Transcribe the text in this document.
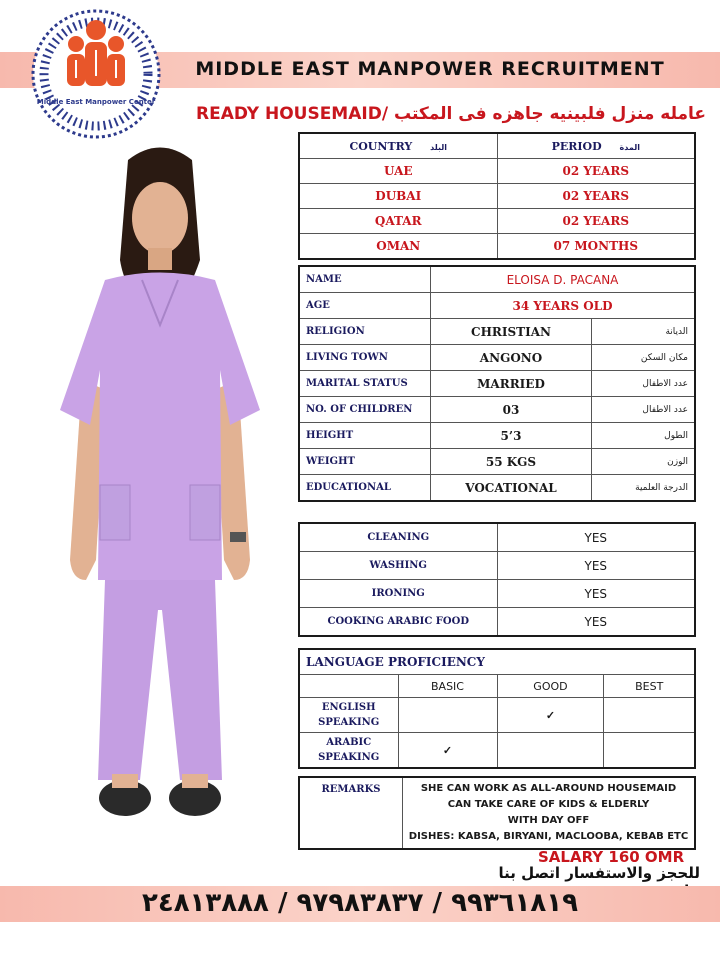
MIDDLE EAST MANPOWER RECRUITMENT
Middle East Manpower Center
READY HOUSEMAID/ عامله منزل فلبينيه جاهزه فى المكتب
COUNTRY البلد	PERIOD المدة
UAE	02 YEARS
DUBAI	02 YEARS
QATAR	02 YEARS
OMAN	07 MONTHS
NAME	ELOISA D. PACANA	
AGE	34 YEARS OLD	
RELIGION	CHRISTIAN	الديانة
LIVING TOWN	ANGONO	مكان السكن
MARITAL STATUS	MARRIED	عدد الاطفال
NO. OF CHILDREN	03	عدد الاطفال
HEIGHT	5’3	الطول
WEIGHT	55 KGS	الوزن
EDUCATIONAL	VOCATIONAL	الدرجة العلمية
CLEANING	YES
WASHING	YES
IRONING	YES
COOKING ARABIC FOOD	YES
LANGUAGE PROFICIENCY			
	BASIC	GOOD	BEST
ENGLISH
SPEAKING		✓	
ARABIC
SPEAKING	✓		
REMARKS	SHE CAN WORK AS ALL-AROUND HOUSEMAID
CAN TAKE CARE OF KIDS & ELDERLY
WITH DAY OFF
DISHES: KABSA, BIRYANI, MACLOOBA, KEBAB ETC
SALARY 160 OMR
للحجز والاستفسار اتصل بنا
٩٩٣٦١٨١٩ / ٩٧٩٨٣٨٣٧ / ٢٤٨١٣٨٨٨
